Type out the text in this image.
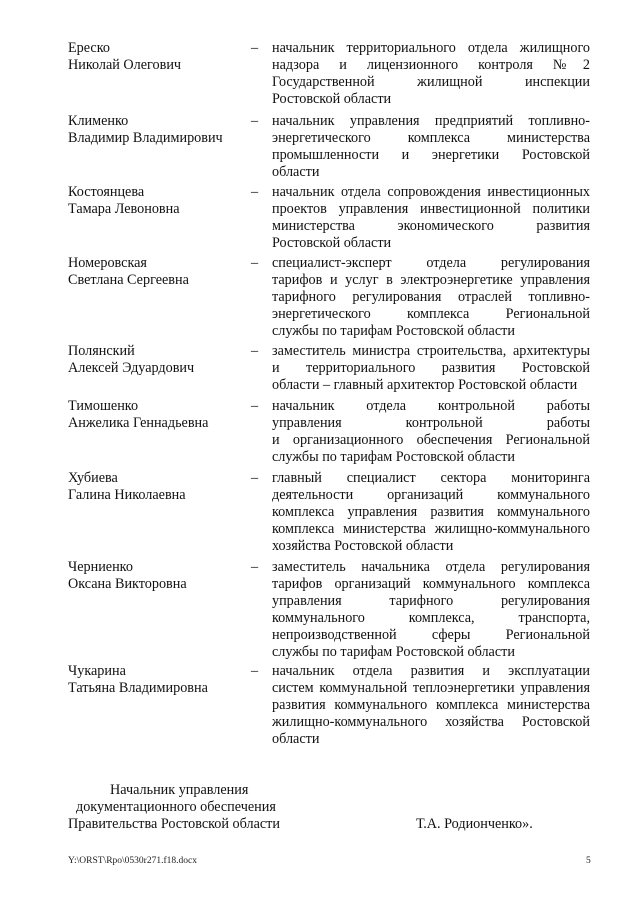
Ереско
Николай Олегович
– начальник территориального отдела жилищного
надзора и лицензионного контроля №2
Государственной жилищной инспекции
Ростовской области
Клименко
Владимир Владимирович
– начальник управления предприятий топливно-
энергетического комплекса министерства
промышленности и энергетики Ростовской
области
Костоянцева
Тамара Левоновна
– начальник отдела сопровождения инвестиционных
проектов управления инвестиционной политики
министерства экономического развития
Ростовской области
Номеровская
Светлана Сергеевна
– специалист-эксперт отдела регулирования
тарифов и услуг в электроэнергетике управления
тарифного регулирования отраслей топливно-
энергетического комплекса Региональной
службы по тарифам Ростовской области
Полянский
Алексей Эдуардович
– заместитель министра строительства, архитектуры
и территориального развития Ростовской
области – главный архитектор Ростовской области
Тимошенко
Анжелика Геннадьевна
– начальник отдела контрольной работы
управления контрольной работы
и организационного обеспечения Региональной
службы по тарифам Ростовской области
Хубиева
Галина Николаевна
– главный специалист сектора мониторинга
деятельности организаций коммунального
комплекса управления развития коммунального
комплекса министерства жилищно-коммунального
хозяйства Ростовской области
Черниенко
Оксана Викторовна
– заместитель начальника отдела регулирования
тарифов организаций коммунального комплекса
управления тарифного регулирования
коммунального комплекса, транспорта,
непроизводственной сферы Региональной
службы по тарифам Ростовской области
Чукарина
Татьяна Владимировна
– начальник отдела развития и эксплуатации
систем коммунальной теплоэнергетики управления
развития коммунального комплекса министерства
жилищно-коммунального хозяйства Ростовской
области
Начальник управления
документационного обеспечения
Правительства Ростовской области	Т.А. Родионченко».
Y:\ORST\Rpo\0530r271.f18.docx	5
